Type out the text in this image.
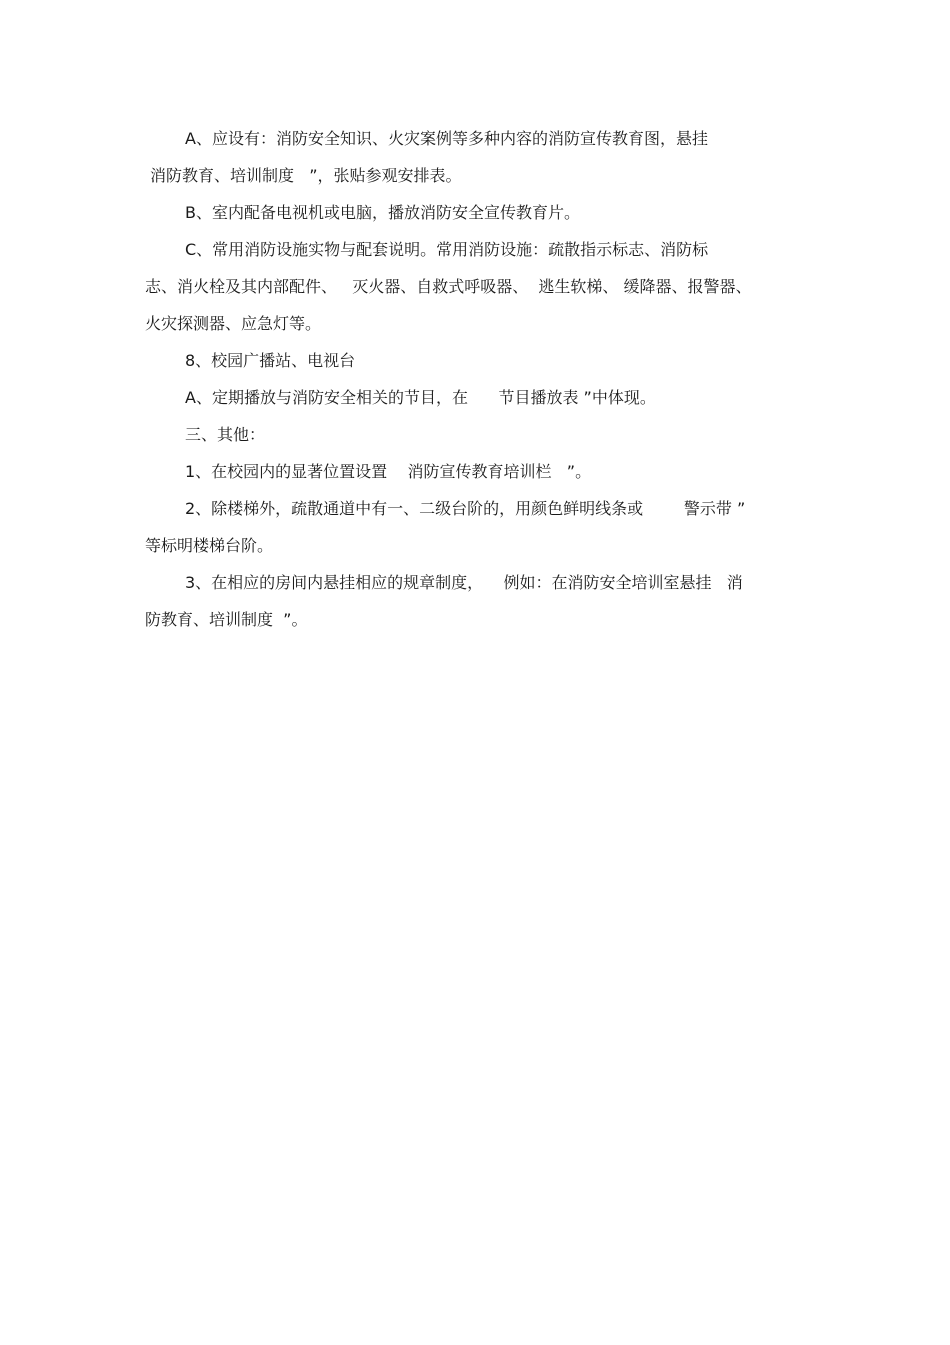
A、应设有：消防安全知识、火灾案例等多种内容的消防宣传教育图，悬挂
消防教育、培训制度   ”，张贴参观安排表。
B、室内配备电视机或电脑，播放消防安全宣传教育片。
C、常用消防设施实物与配套说明。常用消防设施：疏散指示标志、消防标
志、消火栓及其内部配件、   灭火器、自救式呼吸器、  逃生软梯、 缓降器、报警器、
火灾探测器、应急灯等。
8、校园广播站、电视台
A、定期播放与消防安全相关的节目，在      节目播放表 ”中体现。
三、其他：
1、在校园内的显著位置设置    消防宣传教育培训栏   ”。
2、除楼梯外，疏散通道中有一、二级台阶的，用颜色鲜明线条或        警示带 ”
等标明楼梯台阶。
3、在相应的房间内悬挂相应的规章制度，    例如：在消防安全培训室悬挂   消
防教育、培训制度  ”。
